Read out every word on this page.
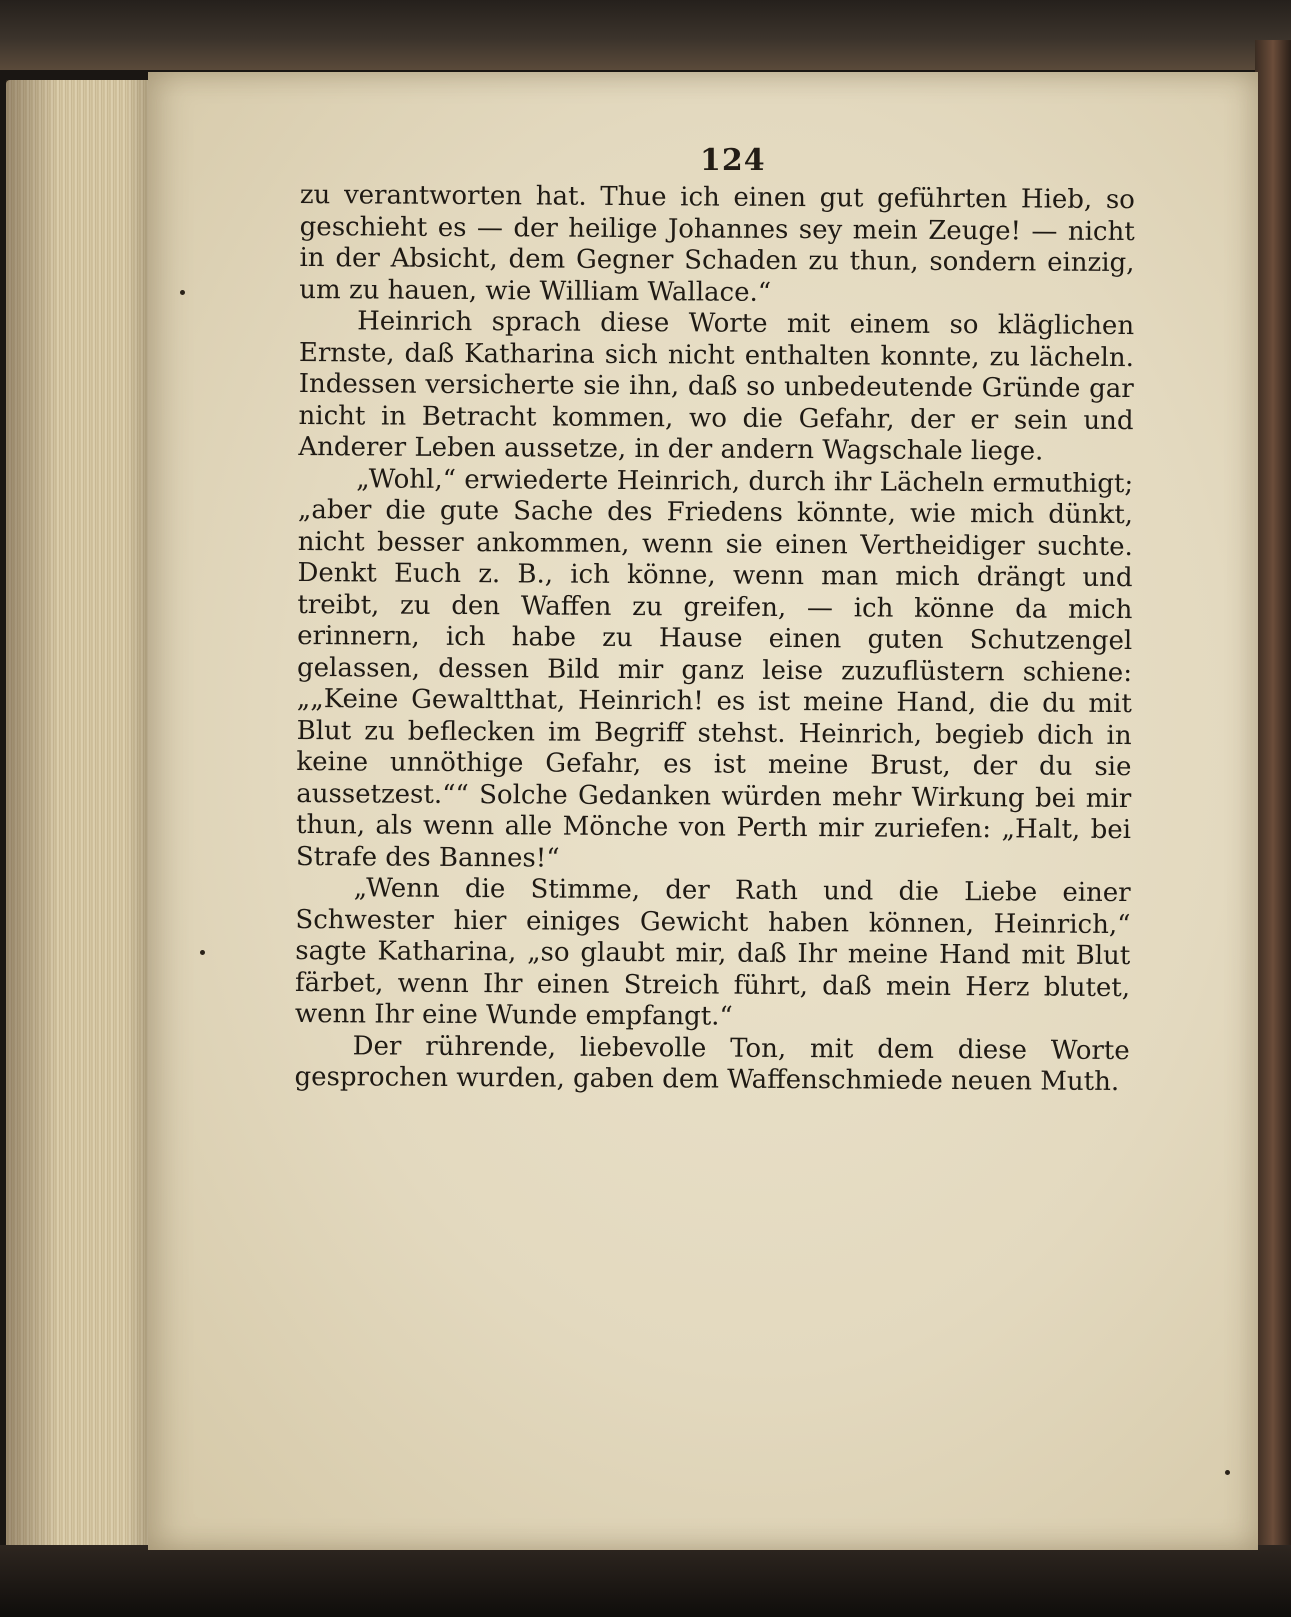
124

zu verantworten hat. Thue ich einen gut geführten Hieb, so geschieht es — der heilige Johannes sey mein Zeuge! — nicht in der Absicht, dem Gegner Schaden zu thun, sondern einzig, um zu hauen, wie William Wallace.“

Heinrich sprach diese Worte mit einem so kläglichen Ernste, daß Katharina sich nicht enthalten konnte, zu lächeln. Indessen versicherte sie ihn, daß so unbedeutende Gründe gar nicht in Betracht kommen, wo die Gefahr, der er sein und Anderer Leben aussetze, in der andern Wagschale liege.

„Wohl,“ erwiederte Heinrich, durch ihr Lächeln ermuthigt; „aber die gute Sache des Friedens könnte, wie mich dünkt, nicht besser ankommen, wenn sie einen Vertheidiger suchte. Denkt Euch z. B., ich könne, wenn man mich drängt und treibt, zu den Waffen zu greifen, — ich könne da mich erinnern, ich habe zu Hause einen guten Schutzengel gelassen, dessen Bild mir ganz leise zuzuflüstern schiene: „„Keine Gewaltthat, Heinrich! es ist meine Hand, die du mit Blut zu beflecken im Begriff stehst. Heinrich, begieb dich in keine unnöthige Gefahr, es ist meine Brust, der du sie aussetzest.““ Solche Gedanken würden mehr Wirkung bei mir thun, als wenn alle Mönche von Perth mir zuriefen: „Halt, bei Strafe des Bannes!“

„Wenn die Stimme, der Rath und die Liebe einer Schwester hier einiges Gewicht haben können, Heinrich,“ sagte Katharina, „so glaubt mir, daß Ihr meine Hand mit Blut färbet, wenn Ihr einen Streich führt, daß mein Herz blutet, wenn Ihr eine Wunde empfangt.“

Der rührende, liebevolle Ton, mit dem diese Worte gesprochen wurden, gaben dem Waffenschmiede neuen Muth.
